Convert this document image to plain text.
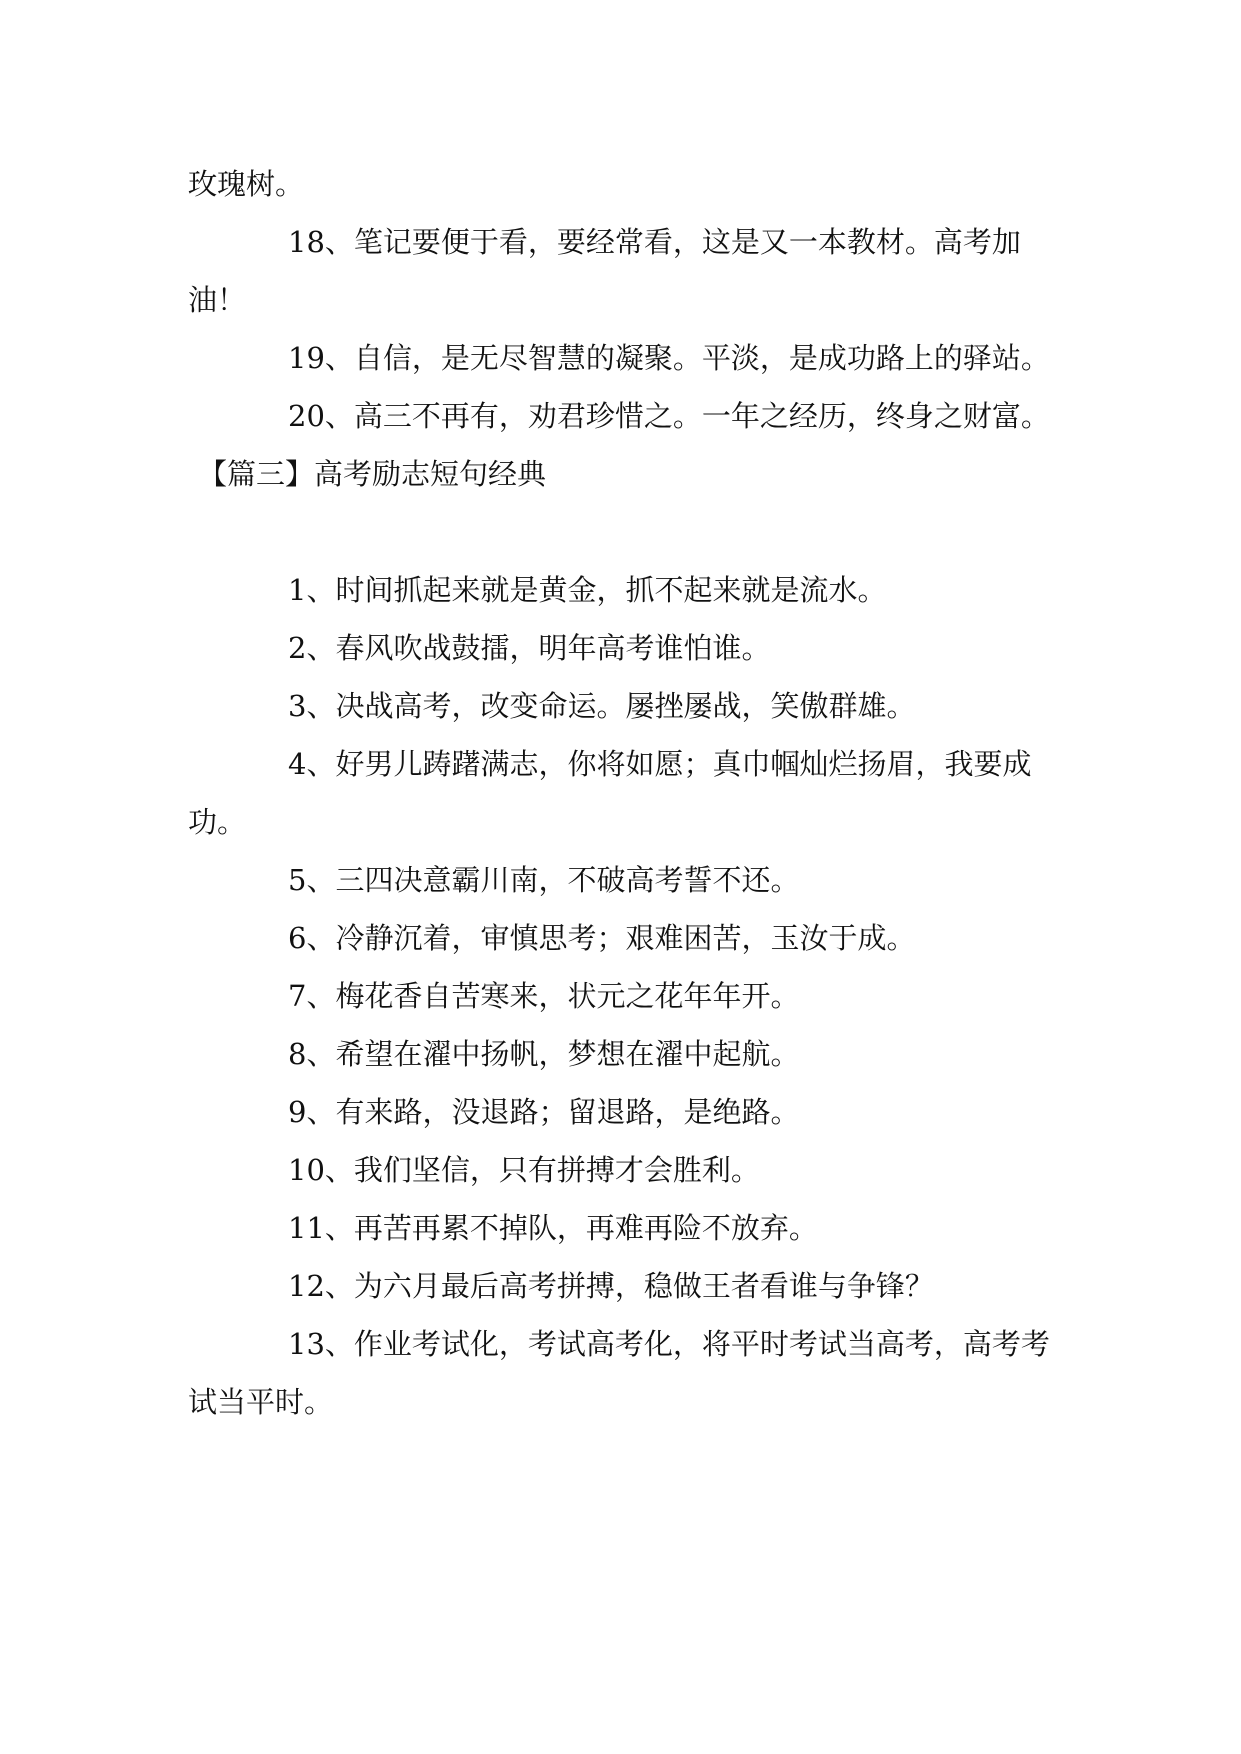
玫瑰树。

18、笔记要便于看，要经常看，这是又一本教材。高考加油！

19、自信，是无尽智慧的凝聚。平淡，是成功路上的驿站。

20、高三不再有，劝君珍惜之。一年之经历，终身之财富。

【篇三】高考励志短句经典

1、时间抓起来就是黄金，抓不起来就是流水。

2、春风吹战鼓擂，明年高考谁怕谁。

3、决战高考，改变命运。屡挫屡战，笑傲群雄。

4、好男儿踌躇满志，你将如愿；真巾帼灿烂扬眉，我要成功。

5、三四决意霸川南，不破高考誓不还。

6、冷静沉着，审慎思考；艰难困苦，玉汝于成。

7、梅花香自苦寒来，状元之花年年开。

8、希望在濯中扬帆，梦想在濯中起航。

9、有来路，没退路；留退路，是绝路。

10、我们坚信，只有拼搏才会胜利。

11、再苦再累不掉队，再难再险不放弃。

12、为六月最后高考拼搏，稳做王者看谁与争锋？

13、作业考试化，考试高考化，将平时考试当高考，高考考试当平时。
